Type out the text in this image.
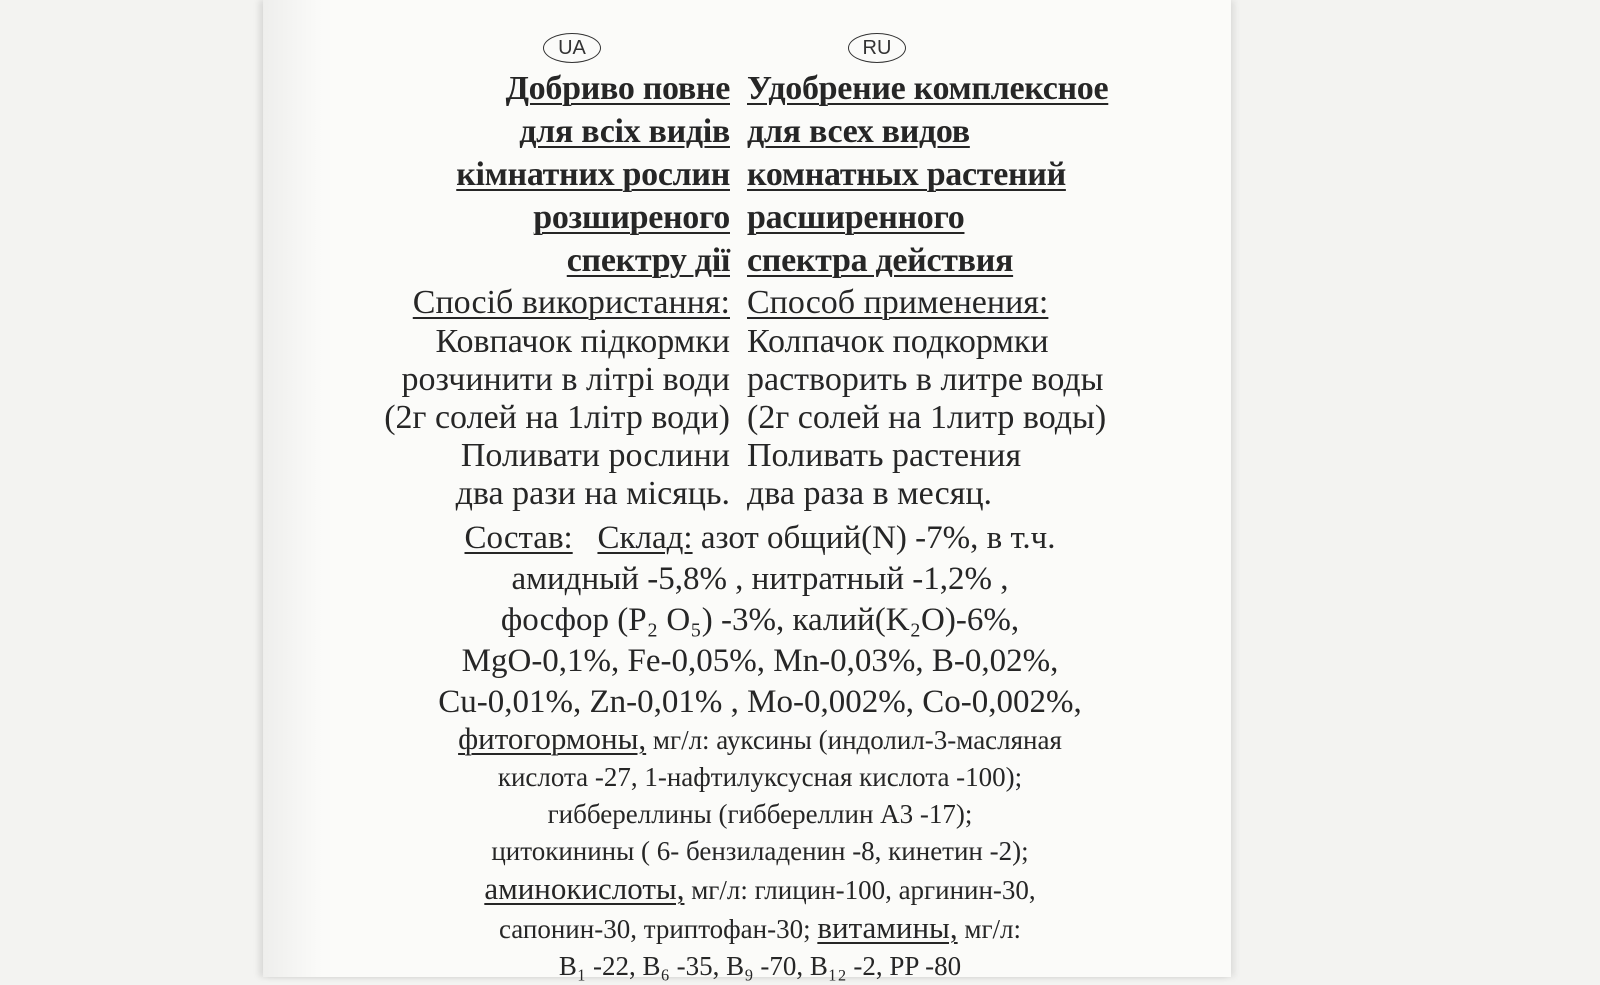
UA
Добриво повне
для всіх видів
кімнатних рослин
розширеного
спектру дії
Спосіб використання:
Ковпачок підкормки
розчинити в літрі води
(2г солей на 1літр води)
Поливати рослини
два рази на місяць.
RU
Удобрение комплексное
для всех видов
комнатных растений
расширенного
спектра действия
Способ применения:
Колпачок подкормки
растворить в литре воды
(2г солей на 1литр воды)
Поливать растения
два раза в месяц.
Состав: Склад: азот общий(N) -7%, в т.ч.
амидный -5,8% , нитратный -1,2% ,
фосфор (P₂ O₅) -3%, калий(K₂O)-6%,
MgO-0,1%, Fe-0,05%, Mn-0,03%, B-0,02%,
Cu-0,01%, Zn-0,01% , Mo-0,002%, Co-0,002%,
фитогормоны, мг/л: ауксины (индолил-3-масляная
кислота -27, 1-нафтилуксусная кислота -100);
гиббереллины (гиббереллин А3 -17);
цитокинины ( 6- бензиладенин -8, кинетин -2);
аминокислоты, мг/л: глицин-100, аргинин-30,
сапонин-30, триптофан-30; витамины, мг/л:
B₁ -22, B₆ -35, B₉ -70, B₁₂ -2, PP -80
